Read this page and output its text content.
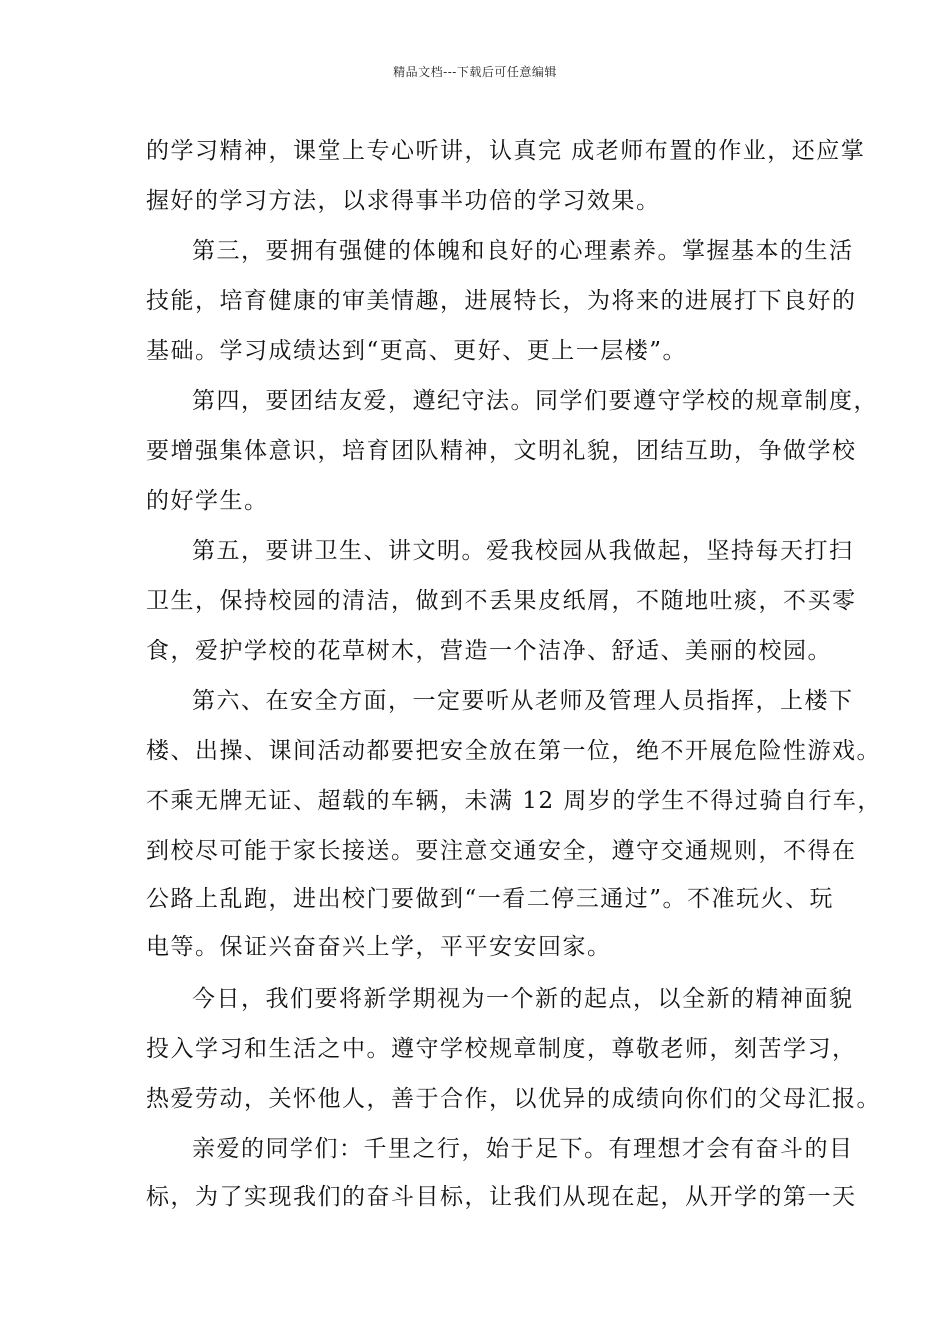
精品文档---下载后可任意编辑
的学习精神，课堂上专心听讲，认真完 成老师布置的作业，还应掌
握好的学习方法，以求得事半功倍的学习效果。
第三，要拥有强健的体魄和良好的心理素养。掌握基本的生活
技能，培育健康的审美情趣，进展特长，为将来的进展打下良好的
基础。学习成绩达到“更高、更好、更上一层楼”。
第四，要团结友爱，遵纪守法。同学们要遵守学校的规章制度，
要增强集体意识，培育团队精神，文明礼貌，团结互助，争做学校
的好学生。
第五，要讲卫生、讲文明。爱我校园从我做起，坚持每天打扫
卫生，保持校园的清洁，做到不丢果皮纸屑，不随地吐痰，不买零
食，爱护学校的花草树木，营造一个洁净、舒适、美丽的校园。
第六、在安全方面，一定要听从老师及管理人员指挥，上楼下
楼、出操、课间活动都要把安全放在第一位，绝不开展危险性游戏。
不乘无牌无证、超载的车辆，未满 12 周岁的学生不得过骑自行车，
到校尽可能于家长接送。要注意交通安全，遵守交通规则，不得在
公路上乱跑，进出校门要做到“一看二停三通过”。不准玩火、玩
电等。保证兴奋奋兴上学，平平安安回家。
今日，我们要将新学期视为一个新的起点，以全新的精神面貌
投入学习和生活之中。遵守学校规章制度，尊敬老师，刻苦学习，
热爱劳动，关怀他人，善于合作，以优异的成绩向你们的父母汇报。
亲爱的同学们：千里之行，始于足下。有理想才会有奋斗的目
标，为了实现我们的奋斗目标，让我们从现在起，从开学的第一天
